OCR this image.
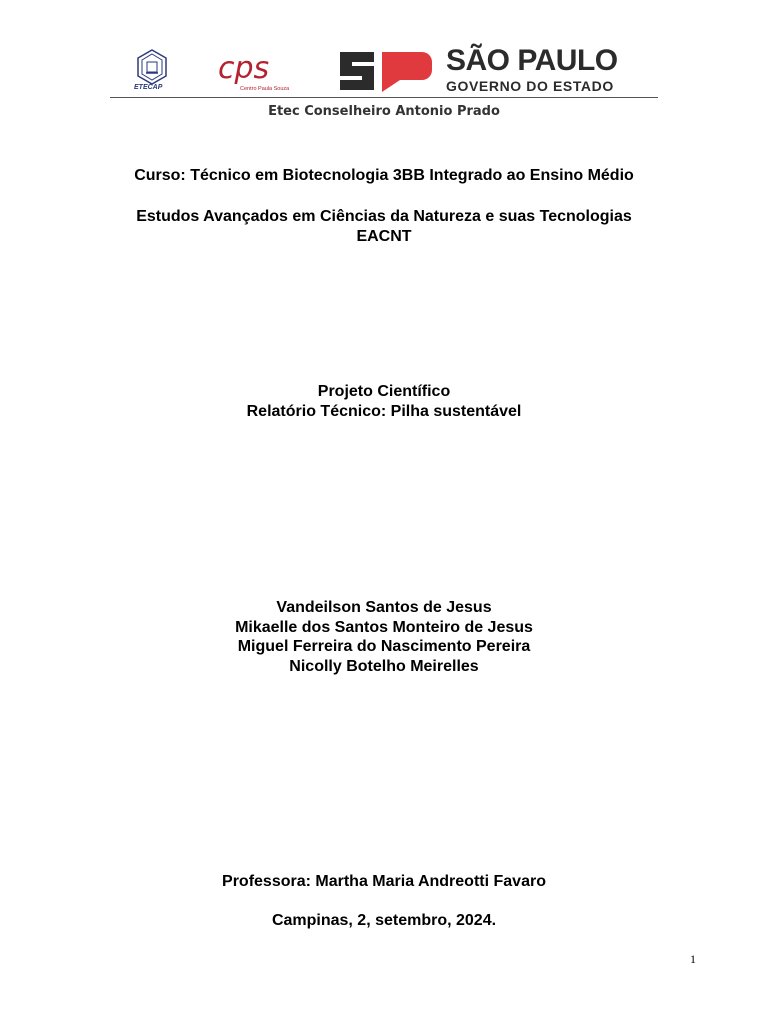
ETECAP
cps
Centro Paula Souza
SÃO PAULO
GOVERNO DO ESTADO
Etec Conselheiro Antonio Prado
Curso: Técnico em Biotecnologia 3BB Integrado ao Ensino Médio
Estudos Avançados em Ciências da Natureza e suas Tecnologias
EACNT
Projeto Científico
Relatório Técnico: Pilha sustentável
Vandeilson Santos de Jesus
Mikaelle dos Santos Monteiro de Jesus
Miguel Ferreira do Nascimento Pereira
Nicolly Botelho Meirelles
Professora: Martha Maria Andreotti Favaro
Campinas, 2, setembro, 2024.
1
